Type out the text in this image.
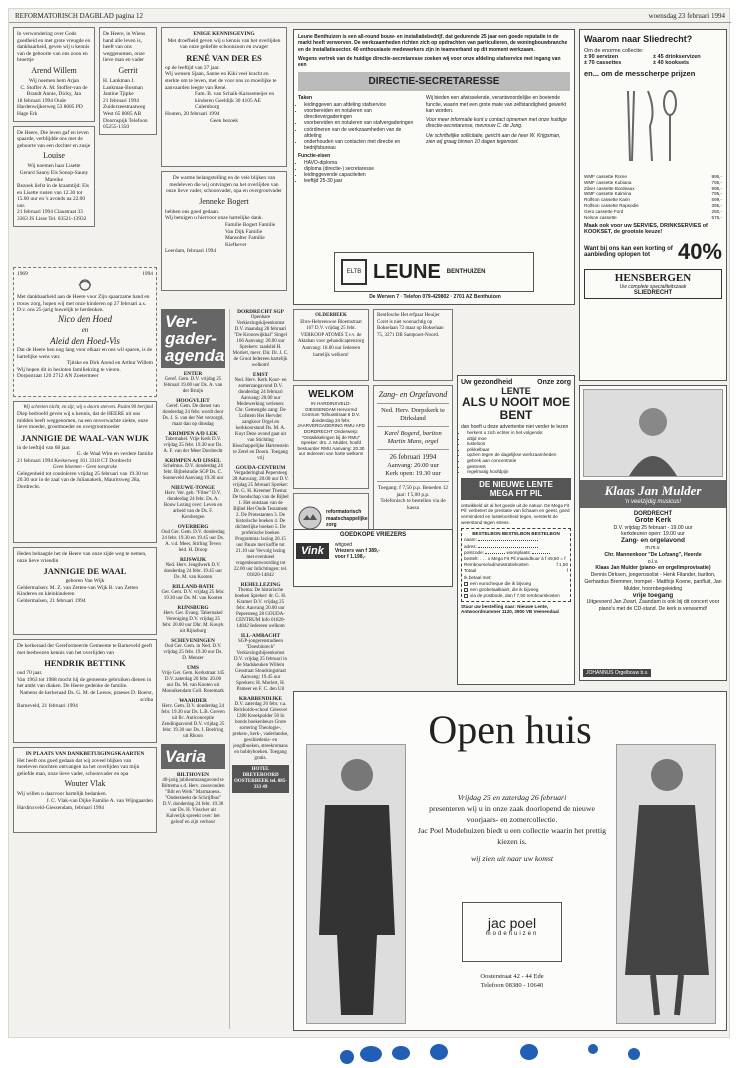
REFORMATORISCH DAGBLAD pagina 12	woensdag 23 februari 1994
In verwondering over Gods goedheid en met grote vreugde en dankbaarheid, geven wij u kennis van de geboorte van ons zoon en broertje
Arend Willem
Wij noemen hem Arjan
C. Stoffer A. M. Stoffer-van de Brandt Annie, Dicky, Jan
18 februari 1994 Oude Hardenwijkerweg 53 8085 PD Hage Erk
De Heere, Die leven gaf en leven spaarde, verblijdde ons met de geboorte van een dochter en zusje
Louise
Wij noemen haar Lisette
Gerard Sauny Els Sonop-Sauny Mareike
Bezoek liefst in de kraamtijd: Els en Lisette rusten van 12.30 tot 15.00 uur en 's avonds na 22.00 uur.
21 februari 1994 Claustraat 33 3363 JS Lisse Tel. 03521-13932
De Heere, in Wiens hand alle leven is, heeft van ons weggenomen, onze lieve man en vader
Gerrit
H. Lankman J. Lankman-Bosman Jantine Tjipke
21 februari 1994 Zuiderzeestraatweg West 65 8085 AB Doornspijk Telefoon 05255-1350
1969	1994
Met dankbaarheid aan de Heere voor Zijn spaarzame hand en trouw zorg, hopen wij met onze kinderen op 27 februari a.s. D.v. ons 25-jarig huwelijk te herdenken.
Nico den Hoed
en
Aleid den Hoed-Vis
Dat de Heere hen nog lang voor elkaar en ons wil sparen, is de hartelijke wens van:
Tjitske en Dirk Arend en Arthur Willem
Wij hopen dit in besloten familiekring te vieren.
Dorpsstraat 120 2712 AN Zoetermeer
Wij schreien nicht, en zijt, wij o doorn sterven. Psalm 90 berijmd
Diep bedroefd geven wij u kennis, dat de HEERE uit ons midden heeft weggenomen, na een onverwachte ziekte, onze lieve moeder, grootmoeder en overgrootmoeder
JANNIGIE DE WAAL-VAN WIJK
in de leeftijd van 68 jaar.
G. de Waal Wim en verdere familie
21 februari 1994 Kerkerweg 161 3318 CT Dordrecht
Geen bloemen - Geen toesprake
Gelegenheid tot condoleren vrijdag 25 februari van 19.30 tot 20.30 uur in de zaal van de Julianakerk, Mauritsweg 28a, Dordrecht.
Heden behaagde het de Heere van onze zijde weg te nemen, onze lieve vriendin
JANNIGIE DE WAAL
geboren Van Wijk
Geldermalsen: M. Z. van Zetten-van Wijk B. van Zetten Kinderen en kleinkinderen
Geldermalsen, 21 februari 1994
De kerkeraad der Gereformeerde Gemeente te Barneveld geeft met leedwezen kennis van het overlijden van
HENDRIK BETTINK
oud 70 jaar.
Van 1963 tot 1988 mocht hij de gemeente gebruiken dienen in het ambt van diaken. De Heere gedenke de familie.
Namens de kerkeraad Ds. G. M. de Leeuw, praeses D. Boerst, scriba
Barneveld, 21 februari 1994
IN PLAATS VAN DANKBETUIGINGSKAARTEN
Het heeft ons goed gedaan dat wij zoveel blijken van meeleven mochten ontvangen na het overlijden van mijn geliefde man, onze lieve vader, schoonvader en opa
Wouter Vlak
Wij willen u daarvoor hartelijk bedanken.
J. C. Vlak-van Dijke Familie A. van Wijngaarden
Hardinxveld-Giessendam, februari 1994
ENIGE KENNISGEVING
Met droefheid geven wij u kennis van het overlijden van onze geliefde schoonzoon en zwager
RENÉ VAN DER ES
op de leeftijd van 37 jaar.
Wij wensen Sjaan, Sanne en Kiki veel kracht en sterkte om te leven, met de voor ons zo moeilijke te aanvaarden leegte van René.
Fam. B. van Schaik-Karssemeijer en kinderen Geeldijk 30 4105 AE Culemborg
Houten, 20 februari 1994
Geen bezoek
De warme belangstelling en de vele blijken van medeleven die wij ontvingen na het overlijden van onze lieve vader, schoonvader, opa en overgrootvader
Jenneke Bogert
hebben ons goed gedaan.
Wij betuigen u hiervoor onze hartelijke dank.
Familie Bogert Familie Van Dijk Familie Mansolter Familie Kiefkever
Leerdam, februari 1994
Ver-
gader-
agenda
ENTER
Geref. Gem. D.V. vrijdag 25 februari 19.00 uur Ds. A. van der Bruijn
HOOGVLIET
Geref. Gem. De dienst van donderdag 24 febr. wordt door Ds. J. S. van der Net verzorgd, maar dan op dinsdag
KRIMPEN A/D LEK
Tabernakel. Vrije Kerk D.V. vrijdag 25 febr. 19.30 uur Ds. A. F. van der Meer Dordrecht
KRIMPEN A/D IJSSEL
Schelmus. D.V. donderdag 24 febr. Bijbelstudie SGP Ds. C. Sonneveld Aanvang 19.30 uur
NIEUWE-TONGE
Herv. Ver. geb. "Filter" D.V. donderdag 24 febr. Ds. A. Bouw Lezing over: Leven en arbeid van de Ds. F. Kersbergen
OVERBERG
Oud Ger. Gem. D.V. donderdag 24 febr. 19.30 en 19.45 uur Ds. A. v.d. Meer, Stirling Teven leid. H. Droop
RIJSWIJK
Ned. Herv. Jeugdwerk D.V. donderdag 24 febr. 19.45 uur Ds. M. van Kooten
RILLAND-BATH
Ger. Gem. D.V. vrijdag 25 febr. 19.30 uur Ds. M. van Kooten
RIJNSBURG
Herv. Ger. Evang. Tabernakel Vereniging D.V. vrijdag 25 febr. 20.00 uur Dhr. M. Kouyk uit Rijnsburg
SCHEVENINGEN
Oud Ger. Gem. in Ned. D.V. vrijdag 25 febr. 19.30 uur Ds. D. Menzer
UMS
Vrije Ger. Gem. Kerkstraat 145 D.V. zaterdag 26 febr. 20.00 uur Ds. M. van Kooten uit Monnikendam Coll. Rosemark
WAARDER
Herv. Gem. D.V. donderdag 24 febr. 19.30 uur Ds. L.B. Greven uit Ilc. Anticonceptie Zendingsavond D.V. vrijdag 25 febr. 19.30 uur Ds. J. Boelring uit Rhoon
Varia
BILTHOVEN
40-jarig jubileumzangavond te Biltrema s.d. Herv. zoeavonden "Bilt en Werk" Marmaneus. "Ondersteekt de Schrijfbus" D.V. donderdag 24 febr. 19.30 uur Ds. H. Visscher uit Kalverijk spreekt over: het geloof en zijn verhoor
DORDRECHT SGP
Openbare Verkiezingskijeenkomst D.V. maandag 28 februari "De Kroonwijkhal" Singel 166 Aanvang: 20.00 uur Sprekers: raadslid H. Morlert, mevr. Dir. Dr. J. C. de Groot Iedereen hartelijk welkom!
EMST
Ned. Herv. Kerk Koor- en zomerzangavond D.V. donderdag 24 februari Aanvang: 20.00 uur Medewerking verlenen: Chr. Gemengde zang: De Lofstem Het Hervder zangkoor Orgel en kerkkoorstand Ds. M. A. Kuyt Deze avond gaat uit van Stichting Bisschoppelijke Hartenstein te Zetel en Doorn. Toegang vrij
GOUDA-CENTRUM
Vergaderinghal Pepersteeg 28 Aanvang: 20.00 uur D.V. vrijdag 25 februari Spreker: Dr. G. H. Kreemer Thema: De boodschap van de Bijbel 1. Het ontstaan van de Bijbel Het Oude Testament 2. De Protestanten 3. De historische boeken 4. De dichterlijke boeken 5. De profetische boeken Programma: lezing 20.15 uur Pauze met koffie tot 21.10 uur Vervolg lezing met eventueel vragenbeantwoording tot 22.00 uur Inlichtingen: tel. 01820-14842
REHELLEZING
Thema: De historische boeken Spreker: dr. G. H. Kramer D.V. vrijdag 25 febr. Aanvang 20.00 uur Pepersteeg 28 GOUDA-CENTRUM Info 01820-14842 Iedereen welkom
ILL-AMBACHT
SGP-jongerenstudieen "Doesbinrech" Verkiezingsbijeenkomst D.V. vrijdag 25 februari in de Stadskeuken Willem Gesstraat Stoudsingstraat Aanvang: 19.45 uur Sprekers: H. Morlert, H. Pameer en F. C. den Uil
KRABBENDIJKE
D.V. zaterdag 26 febr. v.a. Relcholds-school Celesver 1280 Kreekpolder 50 In bonds boekenbeurs Grote sortering Theologie-, preken-, kerk-, vaderlandse, geschiedenis- en jeugdboeken, streekromans en hobbyboeken. Toegang gratis.
HOTEL DREYEROORD OOSTERBEEK tel. 085-333 49
OLDERBEEK
Ebro-Hebreeuwse Bloemstraat 107 D.V. vrijdag 25 febr. VERKOOP ATOMIS T.v.v. de Aktaban voor gehandicaptenzorg Aanvang: 18.00 uur Iedereen hartelijk welkom!
WELKOM
IN HARDINXVELD-GIESSENDAM Hervormd Centrum Tolhuisstraat 6 D.V. donderdag 24 febr. JAARVERGADERING RMU AFD DORDRECHT Onderwerp: "Ontwikkelingen bij de RMU" Spreker: drs. J. Mulder, hoofd bestuurder RMU Aanvang: 20.30 uur Iedereen van harte welkom!
reformatorisch maatschappelijke zorg
Bentfosche Het erfpaar Heuijer Coret is niet woonachtig op Bokselaan 72 maar op Bokselaan 75, 3271 DB Santpoort-Noord.
Zang- en Orgelavond
Ned. Herv. Dorpskerk te Dirksland
Karel Bogerd, bariton
Martin Mans, orgel
26 februari 1994
Aanvang: 20.00 uur
Kerk open: 19.30 uur
Toegang: f 7,50 p.p. Beneden 12 jaar: f 5,00 p.p.
Telefonisch te bestellen via de kassa
GOEDKOPE VRIEZERS
Vink	witgoed
Vriezers van f 389,-
voor f 1.198,-
Leune Benthuizen is een all-round bouw- en installatiebedrijf, dat gedurende 25 jaar een goede reputatie in de markt heeft verworven. De werkzaamheden richten zich op opdrachten van particulieren, de woningbouwbranche en de installatiesector. 40 enthousiaste medewerkers zijn in teamverband op dit moment werkzaam.
Wegens vertrek van de huidige directie-secretaresse zoeken wij voor onze afdeling stafservice met ingang van een
DIRECTIE-SECRETARESSE
Taken
• leidinggeven aan afdeling stafservice
• voorbereiden en notuleren van directievergaderingen
• voorbereiden en notuleren van stafvergaderingen
• coördineren van de werkzaamheden van de afdeling
• onderhouden van contacten met directie en bedrijfsbureau
Functie-eisen
• HAVO-diploma
• diploma (directie-) secretaresse
• leidinggevende capaciteiten
• leeftijd 25-30 jaar
Wij bieden een afwisselende, verantwoordelijke en boeiende functie, waarin met een grote mate van zelfstandigheid gewerkt kan worden.
Voor meer informatie kunt u contact opnemen met onze huidige directie-secretaresse, mevrouw C. de Jong.
Uw schriftelijke sollicitatie, gericht aan de heer W. Krijgsman, zien wij graag binnen 10 dagen tegemoet.
ELTB LEUNE BENTHUIZEN
De Werven 7 · Telefon 079-429802 · 2701 AZ Benthuizen
Waarom naar Sliedrecht?
Om de enorme collectie:
± 90 servizen	± 45 drinkservizen
± 70 cassettes	± 40 kooksets
en... om de messcherpe prijzen
WMF cassette Rome	995,-
WMF cassette Kubiana	795,-
Zilver cassette Bordeaux	995,-
WMF cassette Kalmina	795,-
Rolfson cassette Karin	599,-
Rolfson cassette Rapsodie	395,-
Gero cassette Ford	250,-
Nelson cassette	575,-
Maak ook voor uw SERVIES, DRINKSERVIES of KOOKSET, de grootste keuze!
Want bij ons kan een korting of aanbieding oplopen tot	40%
HENSBERGEN
Uw complete specialiteitszaak
SLIEDRECHT
Uw gezondheid	Onze zorg
LENTE
ALS U NOOIT MOE BENT
dan hoeft u deze advertentie niet verder te lezen
• herkent u zich echter in het volgende:
• altijd moe
• lusteloos
• prikkelbaar
• opzien tegen de dagelijkse werkzaamheden
• gebrek aan concentratie
• gestresst
• regelmatig hoofdpijn
DE NIEUWE LENTE
MEGA FIT PIL
ontwikkeld uit al het goede uit de natuur. De Mega Fit Pil: verbetert de prestatie van lichaam en geest, goed verminderd en lusteloosheid tegen, versterkt de weerstand tegen stress.
BESTELBON BESTELBON BESTELBON
naam:
adres:
postcode:	woonplaats:
bestelt: . . . x Mega Fit Pil maandkuur à f 49,50 = f
Rembourse/administratiekosten	f 1,50
Totaal	f
Ik betaal met:
een eurocheque die ik bijvoeg
een girobetaalkaart, die ik bijvoeg
via de postbode, dan f 7,50 rembourskosten
Stuur uw bestelling naar: Nieuwe Lente, Antwoordnummer 1120, 3900 VB Veenendaal
Klaas Jan Mulder
'n veelzijdig musicus!
DORDRECHT
Grote Kerk
D.V. vrijdag 25 februari - 19.00 uur
kerkdeuren open: 19.00 uur
Zang- en orgelavond
m.m.v.
Chr. Mannenkoor "De Lofzang", Heerde
o.l.v.
Klaas Jan Mulder (piano- en orgelimprovisatie)
Dennis Dirksen, jongenssolist - Henk Filander, bariton, Gerhardus Bremmer, trompet - Matthijs Koene, panfluit, Jan Mulder, hoornbegeleiding
vrije toegang
Uitgevoerd Jan Zwart, Zaandam is ook bij dit concert voor piano's met de CD-stand. De kerk is verwarmd!
JOHANNUS Orgelbouw b.v.
Open huis
Vrijdag 25 en zaterdag 26 februari
presenteren wij u in onze zaak doorlopend de nieuwe voorjaars- en zomercollectie.
Jac Poel Modehuizen biedt u een collectie waarin het prettig kiezen is.
wij zien uit naar uw komst
jac poel
modehuizen
Oosterstraat 42 - 44 Ede
Telefoon 08380 - 10640
